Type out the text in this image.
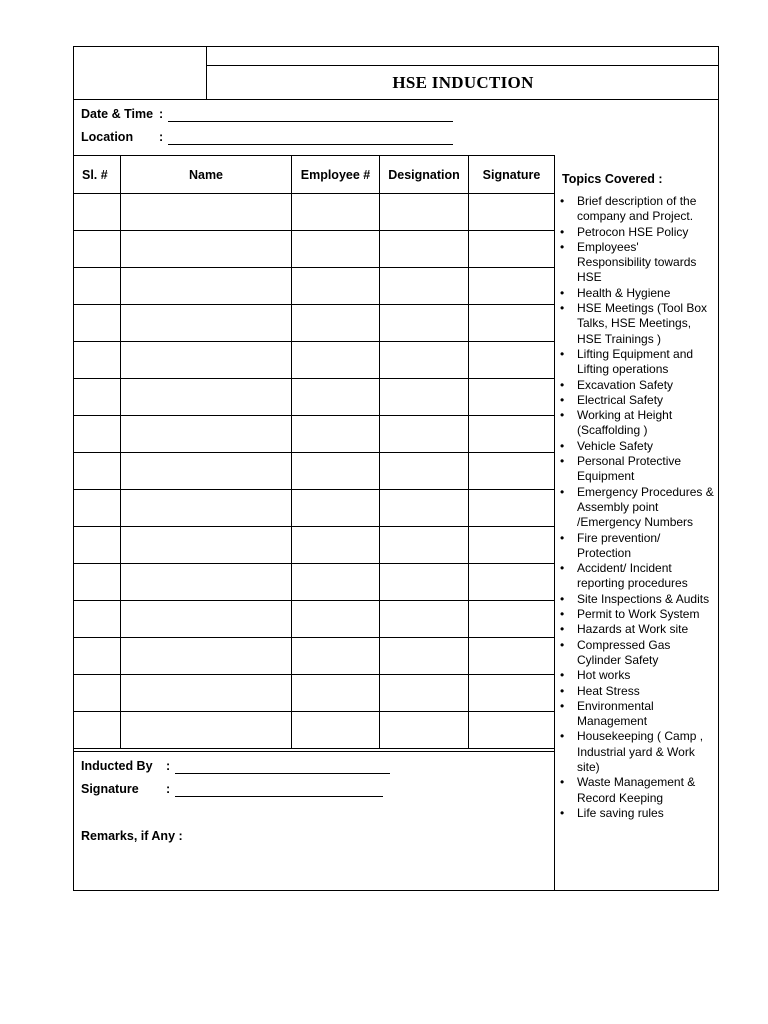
HSE INDUCTION
Date & Time :
Location :
Sl. #	Name	Employee #	Designation	Signature

Inducted By :
Signature :
Remarks, if Any :
Topics Covered :
• Brief description of the company and Project.
• Petrocon HSE Policy
• Employees' Responsibility towards HSE
• Health & Hygiene
• HSE Meetings (Tool Box Talks, HSE Meetings, HSE Trainings )
• Lifting Equipment and Lifting operations
• Excavation Safety
• Electrical Safety
• Working at Height (Scaffolding )
• Vehicle Safety
• Personal Protective Equipment
• Emergency Procedures & Assembly point /Emergency Numbers
• Fire prevention/ Protection
• Accident/ Incident reporting procedures
• Site Inspections & Audits
• Permit to Work System
• Hazards at Work site
• Compressed Gas Cylinder Safety
• Hot works
• Heat Stress
• Environmental Management
• Housekeeping ( Camp , Industrial yard & Work site)
• Waste Management & Record Keeping
• Life saving rules
